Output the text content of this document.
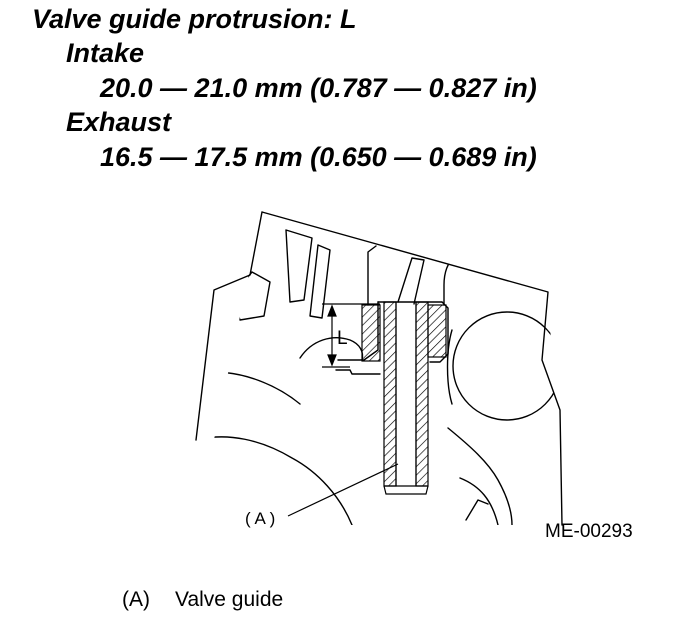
Valve guide protrusion: L
Intake
20.0 — 21.0 mm (0.787 — 0.827 in)
Exhaust
16.5 — 17.5 mm (0.650 — 0.689 in)
L
( A )
ME-00293
(A) Valve guide
